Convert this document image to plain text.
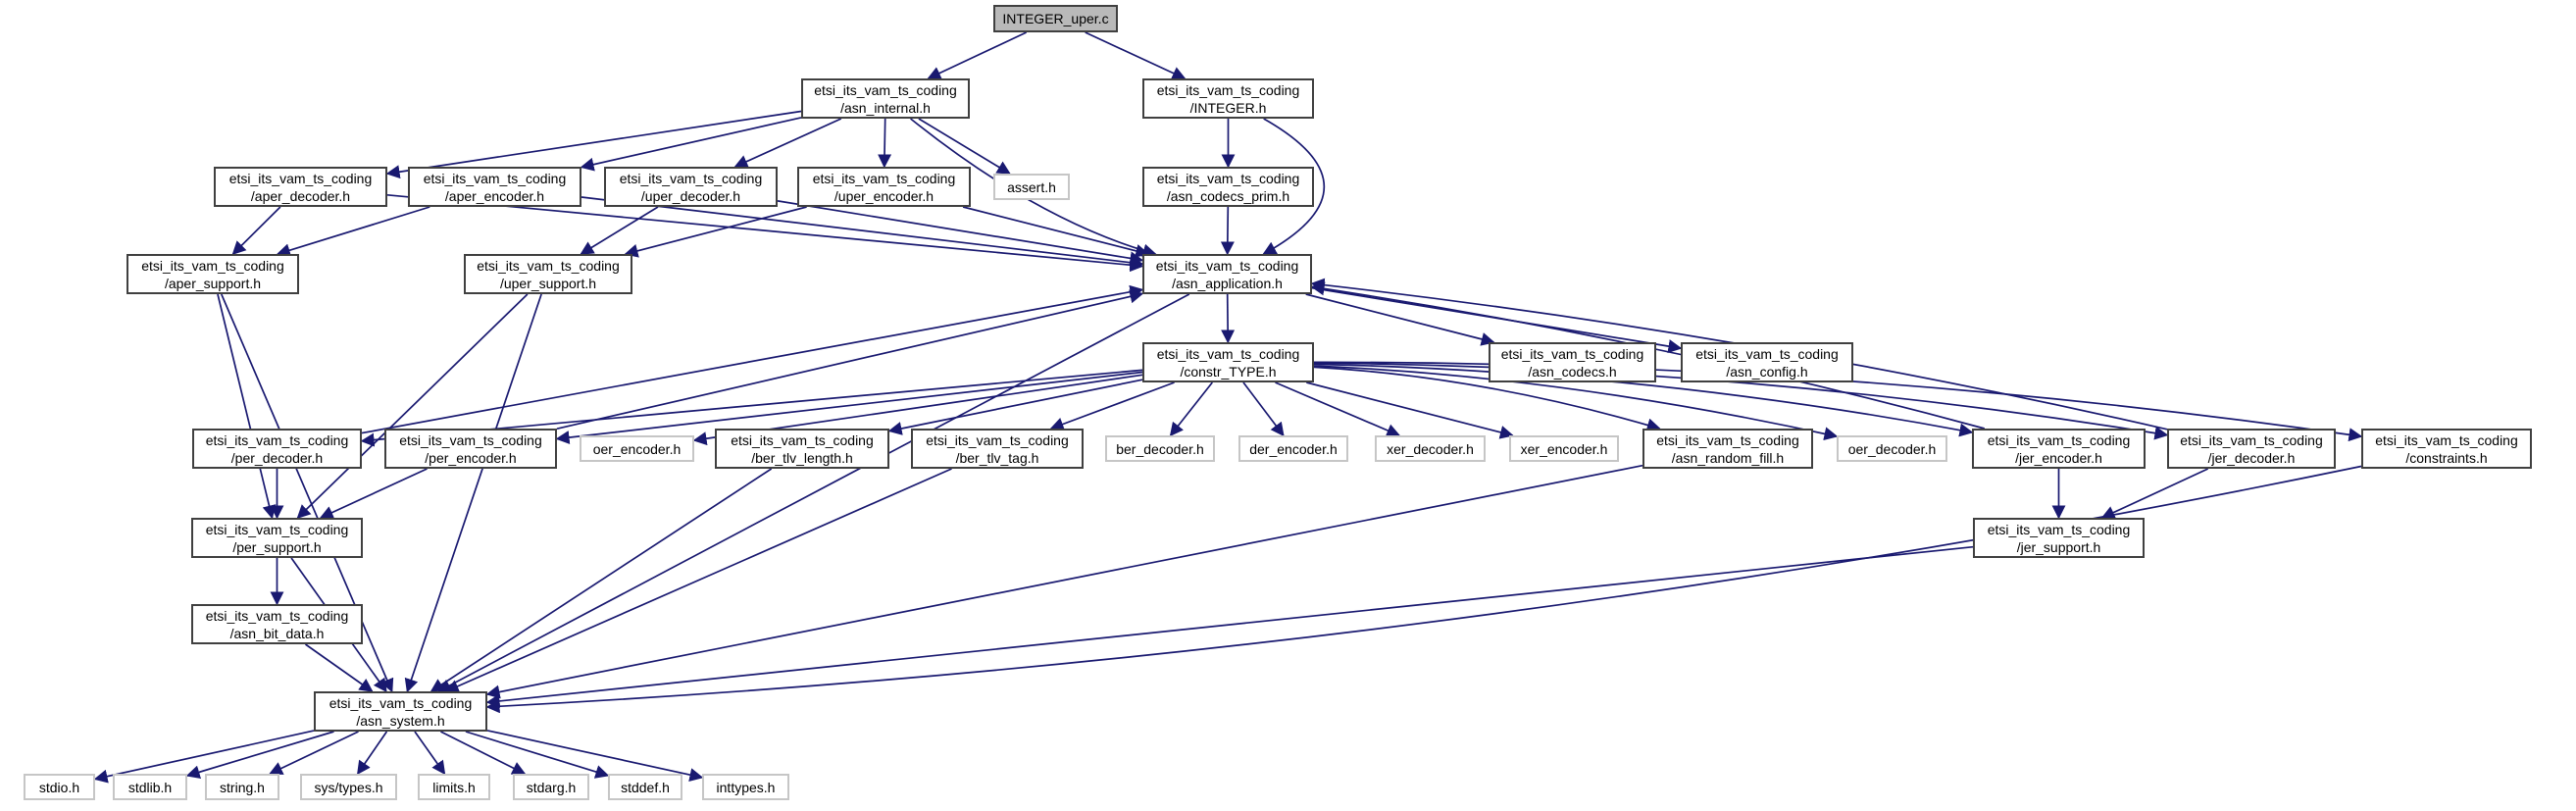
INTEGER_uper.c
etsi_its_vam_ts_coding
/asn_internal.h
etsi_its_vam_ts_coding
/INTEGER.h
etsi_its_vam_ts_coding
/aper_decoder.h
etsi_its_vam_ts_coding
/aper_encoder.h
etsi_its_vam_ts_coding
/uper_decoder.h
etsi_its_vam_ts_coding
/uper_encoder.h
assert.h
etsi_its_vam_ts_coding
/asn_codecs_prim.h
etsi_its_vam_ts_coding
/aper_support.h
etsi_its_vam_ts_coding
/uper_support.h
etsi_its_vam_ts_coding
/asn_application.h
etsi_its_vam_ts_coding
/constr_TYPE.h
etsi_its_vam_ts_coding
/asn_codecs.h
etsi_its_vam_ts_coding
/asn_config.h
etsi_its_vam_ts_coding
/per_decoder.h
etsi_its_vam_ts_coding
/per_encoder.h
oer_encoder.h
etsi_its_vam_ts_coding
/ber_tlv_length.h
etsi_its_vam_ts_coding
/ber_tlv_tag.h
ber_decoder.h	der_encoder.h	xer_decoder.h	xer_encoder.h
etsi_its_vam_ts_coding
/asn_random_fill.h
oer_decoder.h
etsi_its_vam_ts_coding
/jer_encoder.h
etsi_its_vam_ts_coding
/jer_decoder.h
etsi_its_vam_ts_coding
/constraints.h
etsi_its_vam_ts_coding
/per_support.h
etsi_its_vam_ts_coding
/jer_support.h
etsi_its_vam_ts_coding
/asn_bit_data.h
etsi_its_vam_ts_coding
/asn_system.h
stdio.h	stdlib.h	string.h	sys/types.h	limits.h	stdarg.h	stddef.h	inttypes.h
